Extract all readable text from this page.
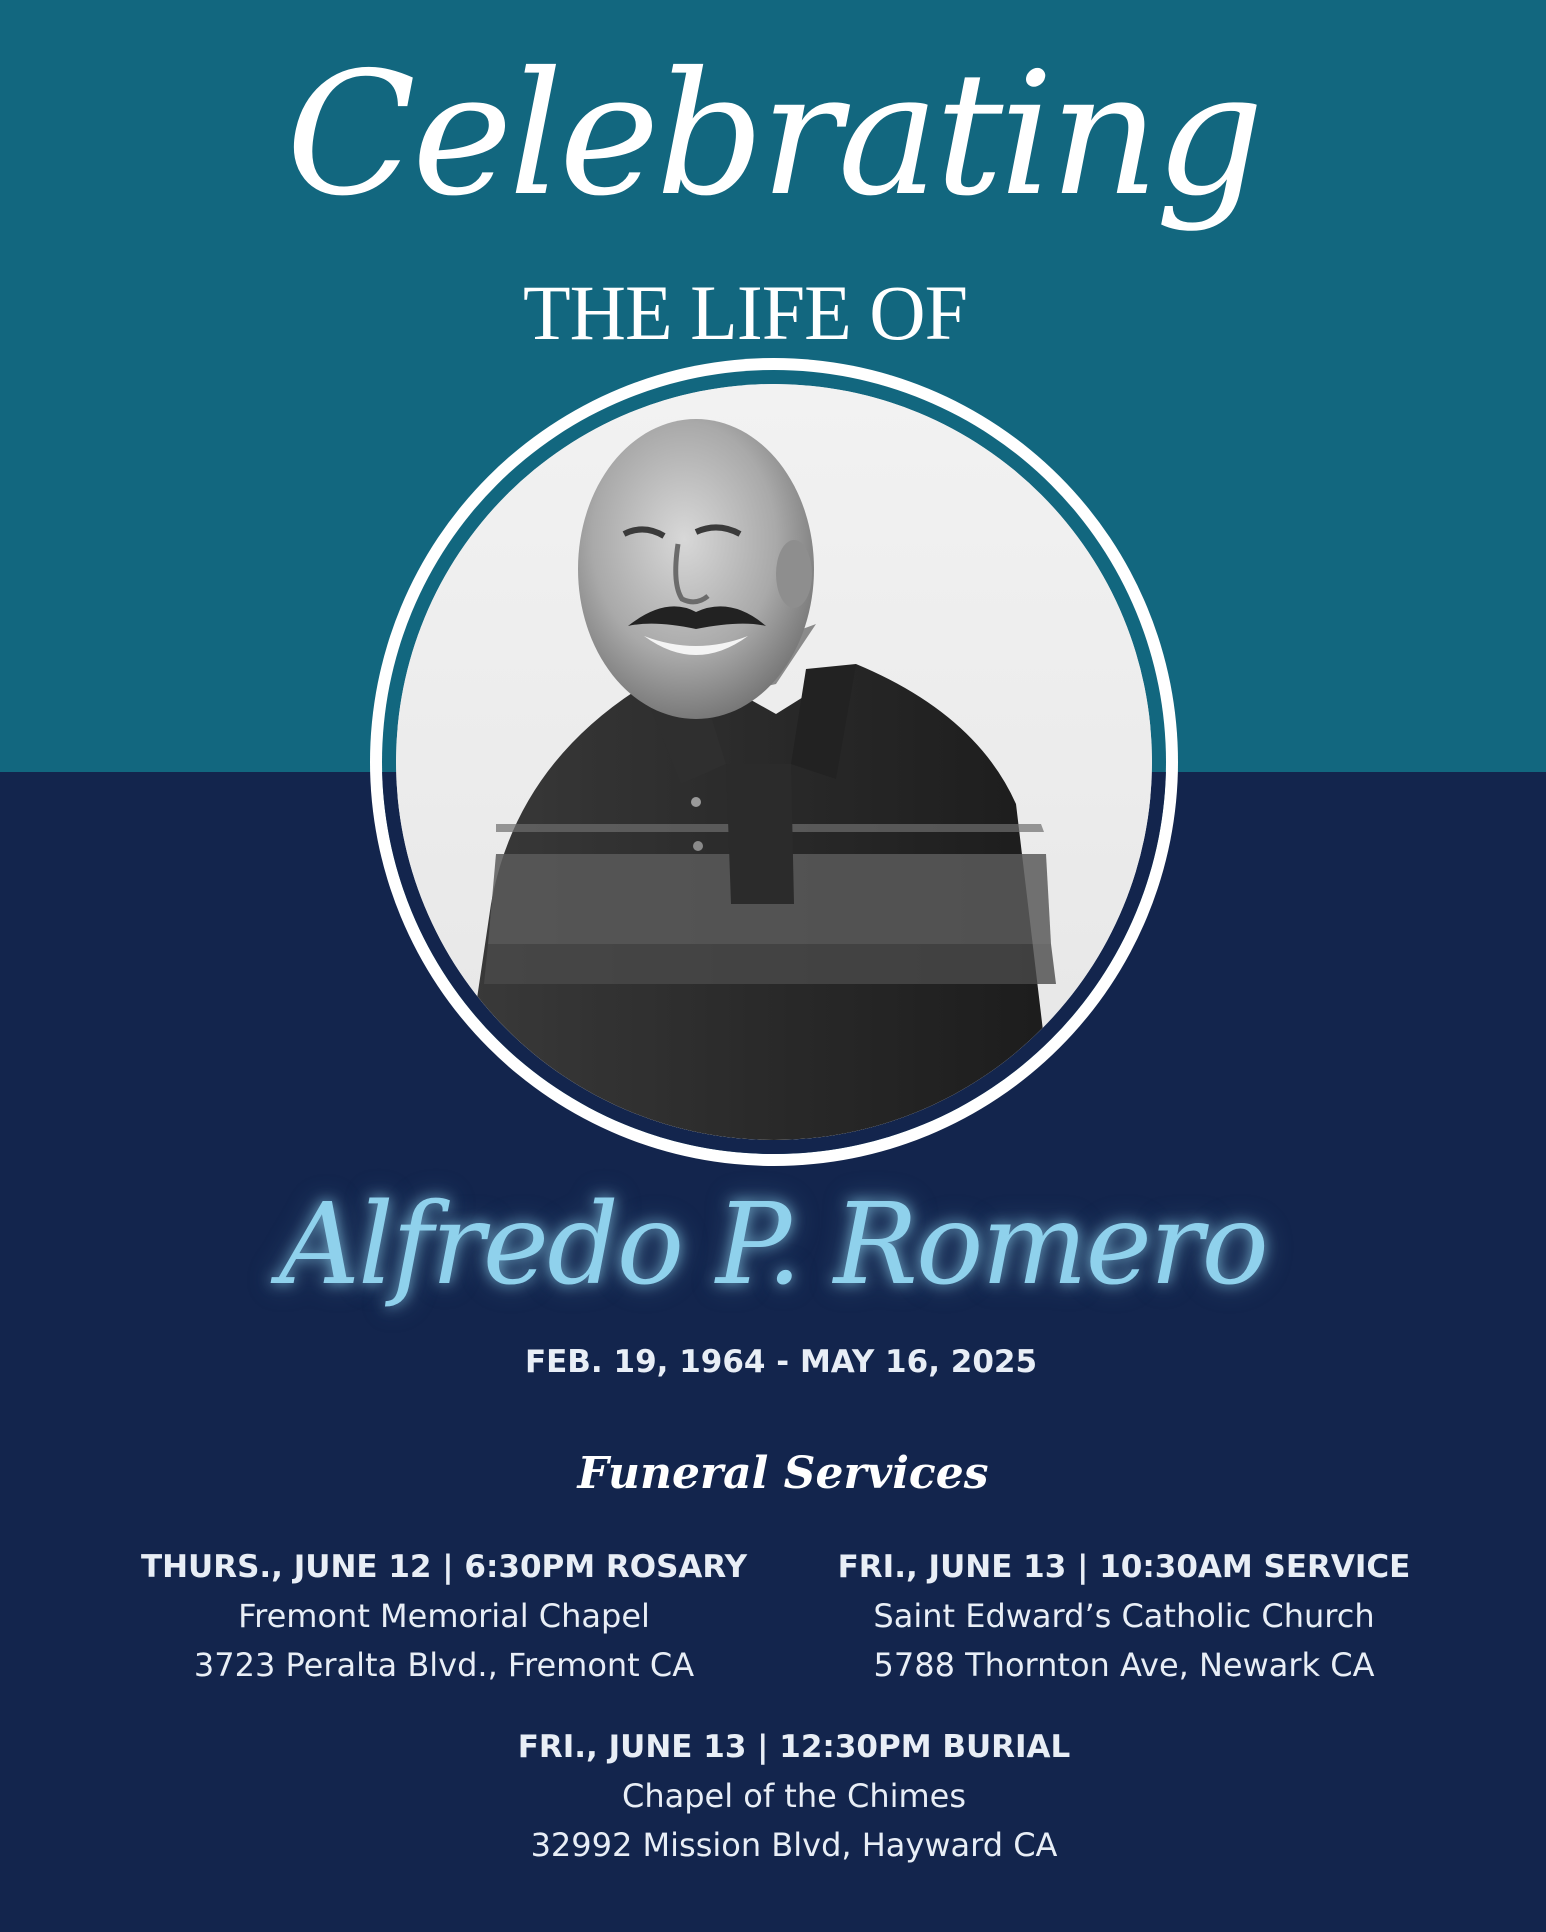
Celebrating
THE LIFE OF
Alfredo P. Romero
FEB. 19, 1964 - MAY 16, 2025
Funeral Services
THURS., JUNE 12 | 6:30PM ROSARY
Fremont Memorial Chapel
3723 Peralta Blvd., Fremont CA
FRI., JUNE 13 | 10:30AM SERVICE
Saint Edward’s Catholic Church
5788 Thornton Ave, Newark CA
FRI., JUNE 13 | 12:30PM BURIAL
Chapel of the Chimes
32992 Mission Blvd, Hayward CA
